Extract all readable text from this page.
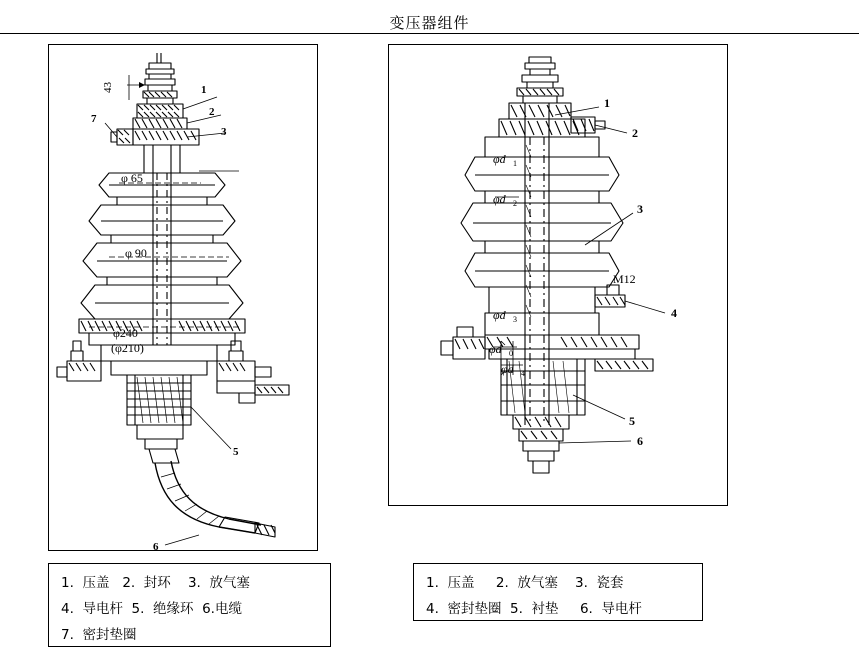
变压器组件
43	1
2
3
7
φ 65
φ 90
φ240
(φ210)
5
6
1
2
3
4
5
6
φd 1
φd 2
φd 3
φd 0
φd 4
M12
1.  压盖   2.  封环    3.  放气塞
4.  导电杆  5.  绝缘环  6.电缆
7.  密封垫圈
1.  压盖     2.  放气塞    3.  瓷套
4.  密封垫圈  5.  衬垫     6.  导电杆
